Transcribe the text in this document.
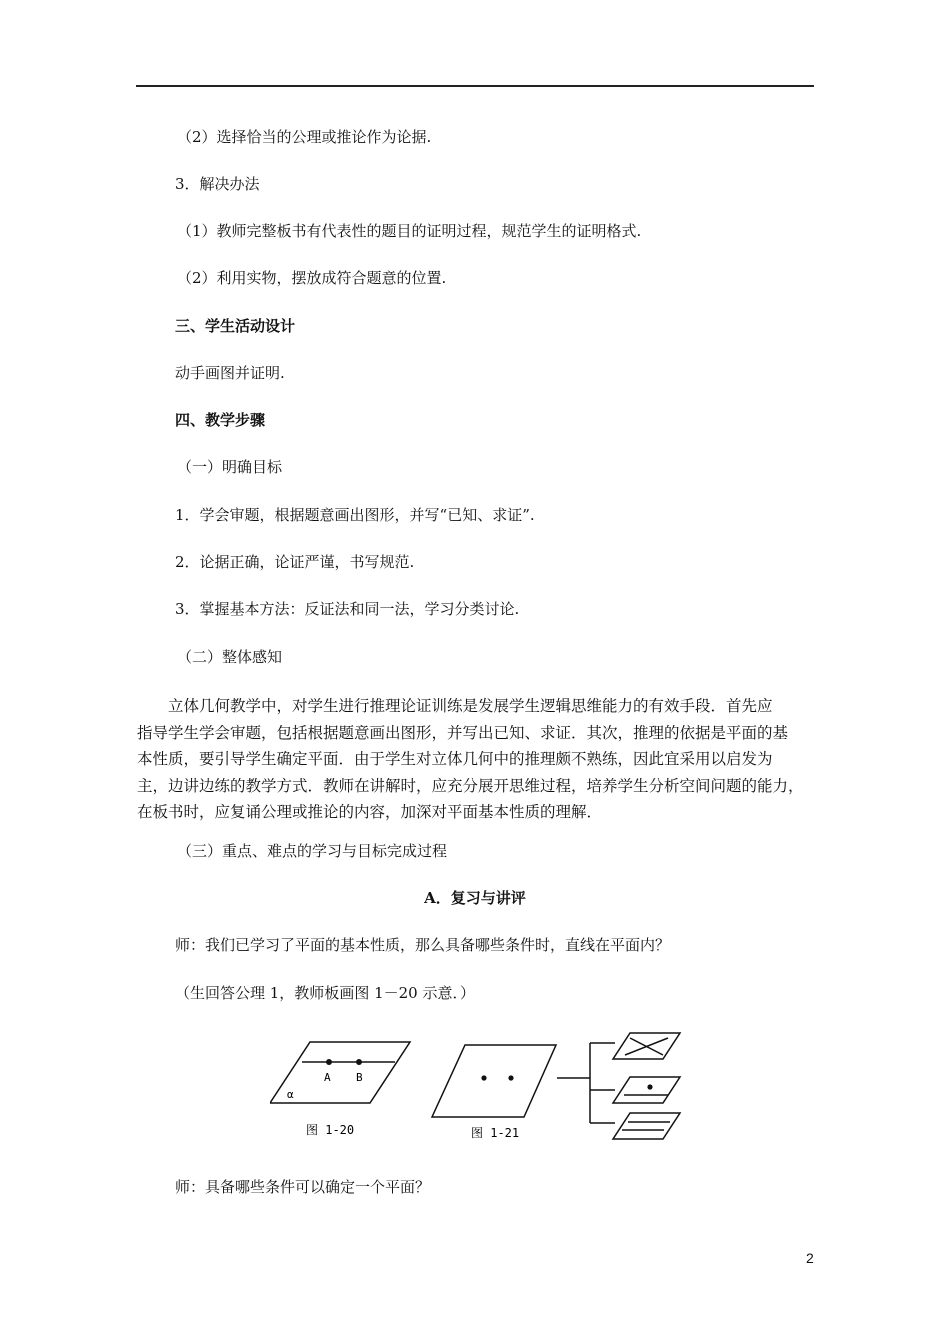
（2）选择恰当的公理或推论作为论据.
3．解决办法
（1）教师完整板书有代表性的题目的证明过程，规范学生的证明格式.
（2）利用实物，摆放成符合题意的位置.
三、学生活动设计
动手画图并证明.
四、教学步骤
（一）明确目标
1．学会审题，根据题意画出图形，并写“已知、求证”.
2．论据正确，论证严谨，书写规范.
3．掌握基本方法：反证法和同一法，学习分类讨论.
（二）整体感知
　　立体几何教学中，对学生进行推理论证训练是发展学生逻辑思维能力的有效手段．首先应
指导学生学会审题，包括根据题意画出图形，并写出已知、求证．其次，推理的依据是平面的基
本性质，要引导学生确定平面．由于学生对立体几何中的推理颇不熟练，因此宜采用以启发为
主，边讲边练的教学方式．教师在讲解时，应充分展开思维过程，培养学生分析空间问题的能力，
在板书时，应复诵公理或推论的内容，加深对平面基本性质的理解．
（三）重点、难点的学习与目标完成过程
A．复习与讲评
师：我们已学习了平面的基本性质，那么具备哪些条件时，直线在平面内？
（生回答公理 1，教师板画图 1－20 示意．）
A B
α
图 1-20	图 1-21
师：具备哪些条件可以确定一个平面？
2
